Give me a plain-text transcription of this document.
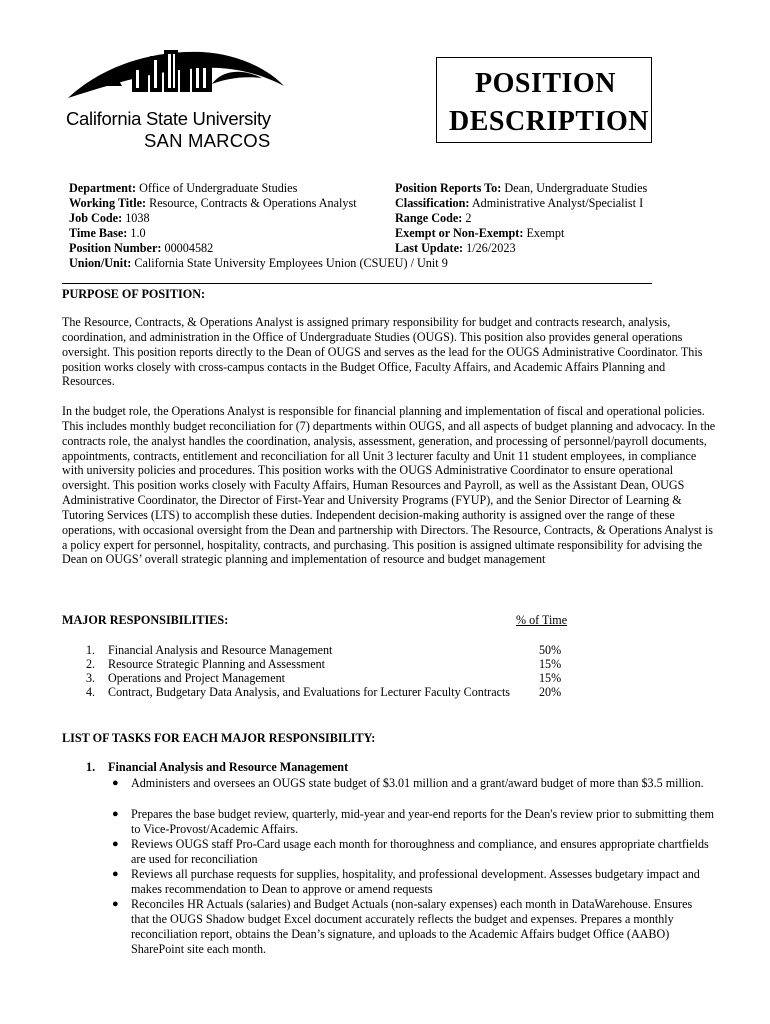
California State University
SAN MARCOS
POSITION
DESCRIPTION
Department: Office of Undergraduate Studies
Working Title: Resource, Contracts & Operations Analyst
Job Code: 1038
Time Base: 1.0
Position Number: 00004582
Union/Unit: California State University Employees Union (CSUEU) / Unit 9
Position Reports To: Dean, Undergraduate Studies
Classification: Administrative Analyst/Specialist I
Range Code: 2
Exempt or Non-Exempt: Exempt
Last Update: 1/26/2023
PURPOSE OF POSITION:
The Resource, Contracts, & Operations Analyst is assigned primary responsibility for budget and contracts research, analysis, coordination, and administration in the Office of Undergraduate Studies (OUGS). This position also provides general operations oversight. This position reports directly to the Dean of OUGS and serves as the lead for the OUGS Administrative Coordinator. This position works closely with cross-campus contacts in the Budget Office, Faculty Affairs, and Academic Affairs Planning and Resources.
In the budget role, the Operations Analyst is responsible for financial planning and implementation of fiscal and operational policies. This includes monthly budget reconciliation for (7) departments within OUGS, and all aspects of budget planning and advocacy. In the contracts role, the analyst handles the coordination, analysis, assessment, generation, and processing of personnel/payroll documents, appointments, contracts, entitlement and reconciliation for all Unit 3 lecturer faculty and Unit 11 student employees, in compliance with university policies and procedures. This position works with the OUGS Administrative Coordinator to ensure operational oversight. This position works closely with Faculty Affairs, Human Resources and Payroll, as well as the Assistant Dean, OUGS Administrative Coordinator, the Director of First-Year and University Programs (FYUP), and the Senior Director of Learning & Tutoring Services (LTS) to accomplish these duties. Independent decision-making authority is assigned over the range of these operations, with occasional oversight from the Dean and partnership with Directors. The Resource, Contracts, & Operations Analyst is a policy expert for personnel, hospitality, contracts, and purchasing. This position is assigned ultimate responsibility for advising the Dean on OUGS’ overall strategic planning and implementation of resource and budget management
MAJOR RESPONSIBILITIES:	% of Time
1. Financial Analysis and Resource Management	50%
2. Resource Strategic Planning and Assessment	15%
3. Operations and Project Management	15%
4. Contract, Budgetary Data Analysis, and Evaluations for Lecturer Faculty Contracts 20%
LIST OF TASKS FOR EACH MAJOR RESPONSIBILITY:
1. Financial Analysis and Resource Management
● Administers and oversees an OUGS state budget of $3.01 million and a grant/award budget of more than $3.5 million.
● Prepares the base budget review, quarterly, mid-year and year-end reports for the Dean's review prior to submitting them to Vice-Provost/Academic Affairs.
● Reviews OUGS staff Pro-Card usage each month for thoroughness and compliance, and ensures appropriate chartfields are used for reconciliation
● Reviews all purchase requests for supplies, hospitality, and professional development. Assesses budgetary impact and makes recommendation to Dean to approve or amend requests
● Reconciles HR Actuals (salaries) and Budget Actuals (non-salary expenses) each month in DataWarehouse. Ensures that the OUGS Shadow budget Excel document accurately reflects the budget and expenses. Prepares a monthly reconciliation report, obtains the Dean’s signature, and uploads to the Academic Affairs budget Office (AABO) SharePoint site each month.
